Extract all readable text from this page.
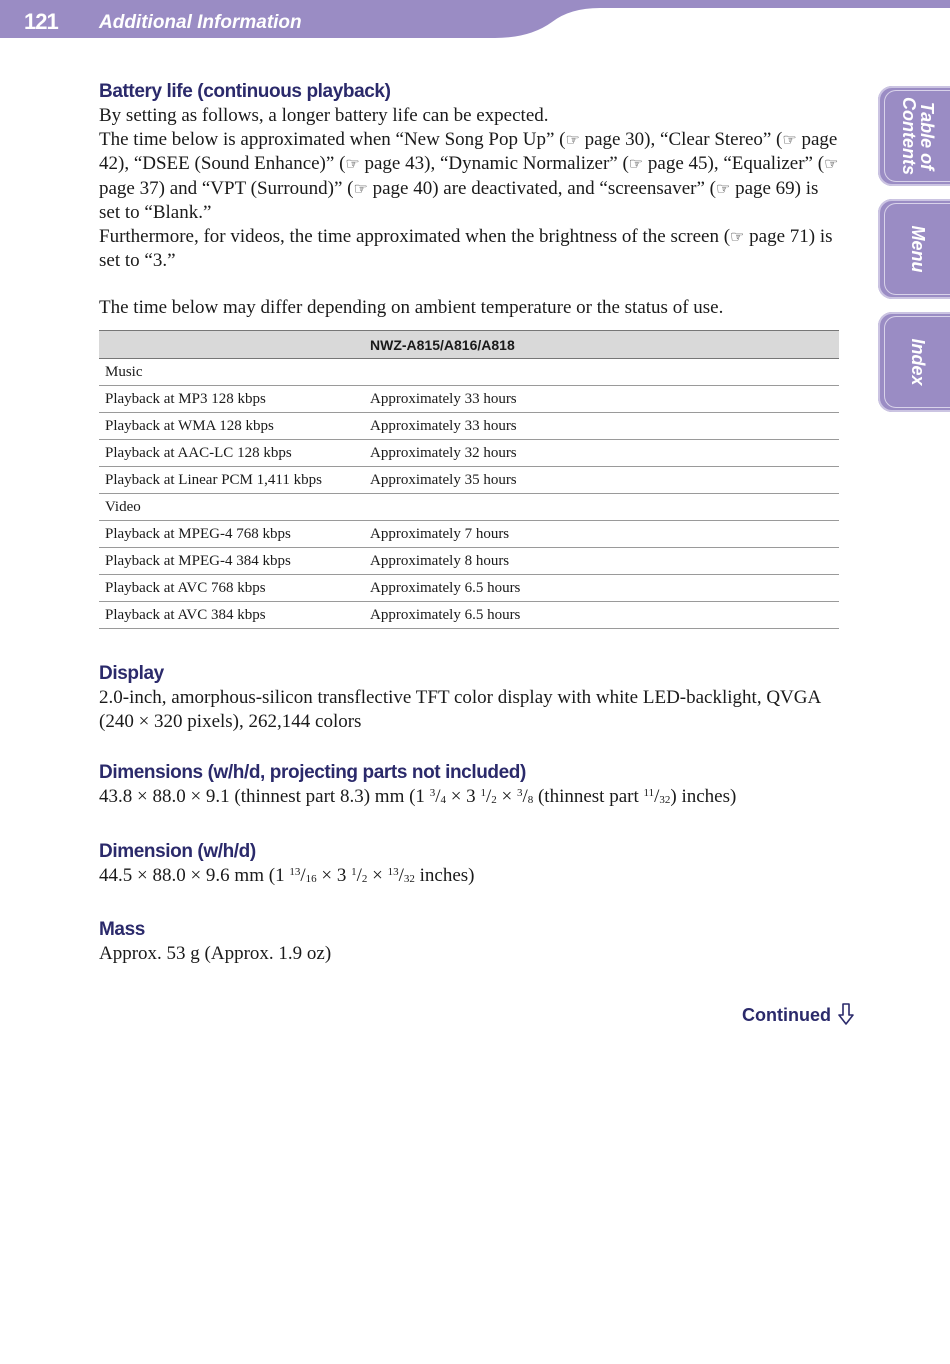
121 Additional Information
Table of
Contents
Menu
Index
Battery life (continuous playback)

By setting as follows, a longer battery life can be expected.

The time below is approximated when “New Song Pop Up” (☞ page 30), “Clear Stereo” (☞ page 42), “DSEE (Sound Enhance)” (☞ page 43), “Dynamic Normalizer” (☞ page 45), “Equalizer” (☞ page 37) and “VPT (Surround)” (☞ page 40) are deactivated, and “screensaver” (☞ page 69) is set to “Blank.”

Furthermore, for videos, the time approximated when the brightness of the screen (☞ page 71) is set to “3.”

The time below may differ depending on ambient temperature or the status of use.

	NWZ-A815/A816/A818
Music	
Playback at MP3 128 kbps	Approximately 33 hours
Playback at WMA 128 kbps	Approximately 33 hours
Playback at AAC-LC 128 kbps	Approximately 32 hours
Playback at Linear PCM 1,411 kbps	Approximately 35 hours
Video	
Playback at MPEG-4 768 kbps	Approximately 7 hours
Playback at MPEG-4 384 kbps	Approximately 8 hours
Playback at AVC 768 kbps	Approximately 6.5 hours
Playback at AVC 384 kbps	Approximately 6.5 hours
Display

2.0-inch, amorphous-silicon transflective TFT color display with white LED-backlight, QVGA (240 × 320 pixels), 262,144 colors

Dimensions (w/h/d, projecting parts not included)

43.8 × 88.0 × 9.1 (thinnest part 8.3) mm (1 $^3/_4 \times 3$ $^1/_2 \times ^3/_8$ (thinnest part $^{11}/_{32}$) inches)

Dimension (w/h/d)

44.5 × 88.0 × 9.6 mm (1 $^{13}/_{16} \times 3$ $^1/_2 \times ^{13}/_{32}$ inches)

Mass

Approx. 53 g (Approx. 1.9 oz)

Continued
